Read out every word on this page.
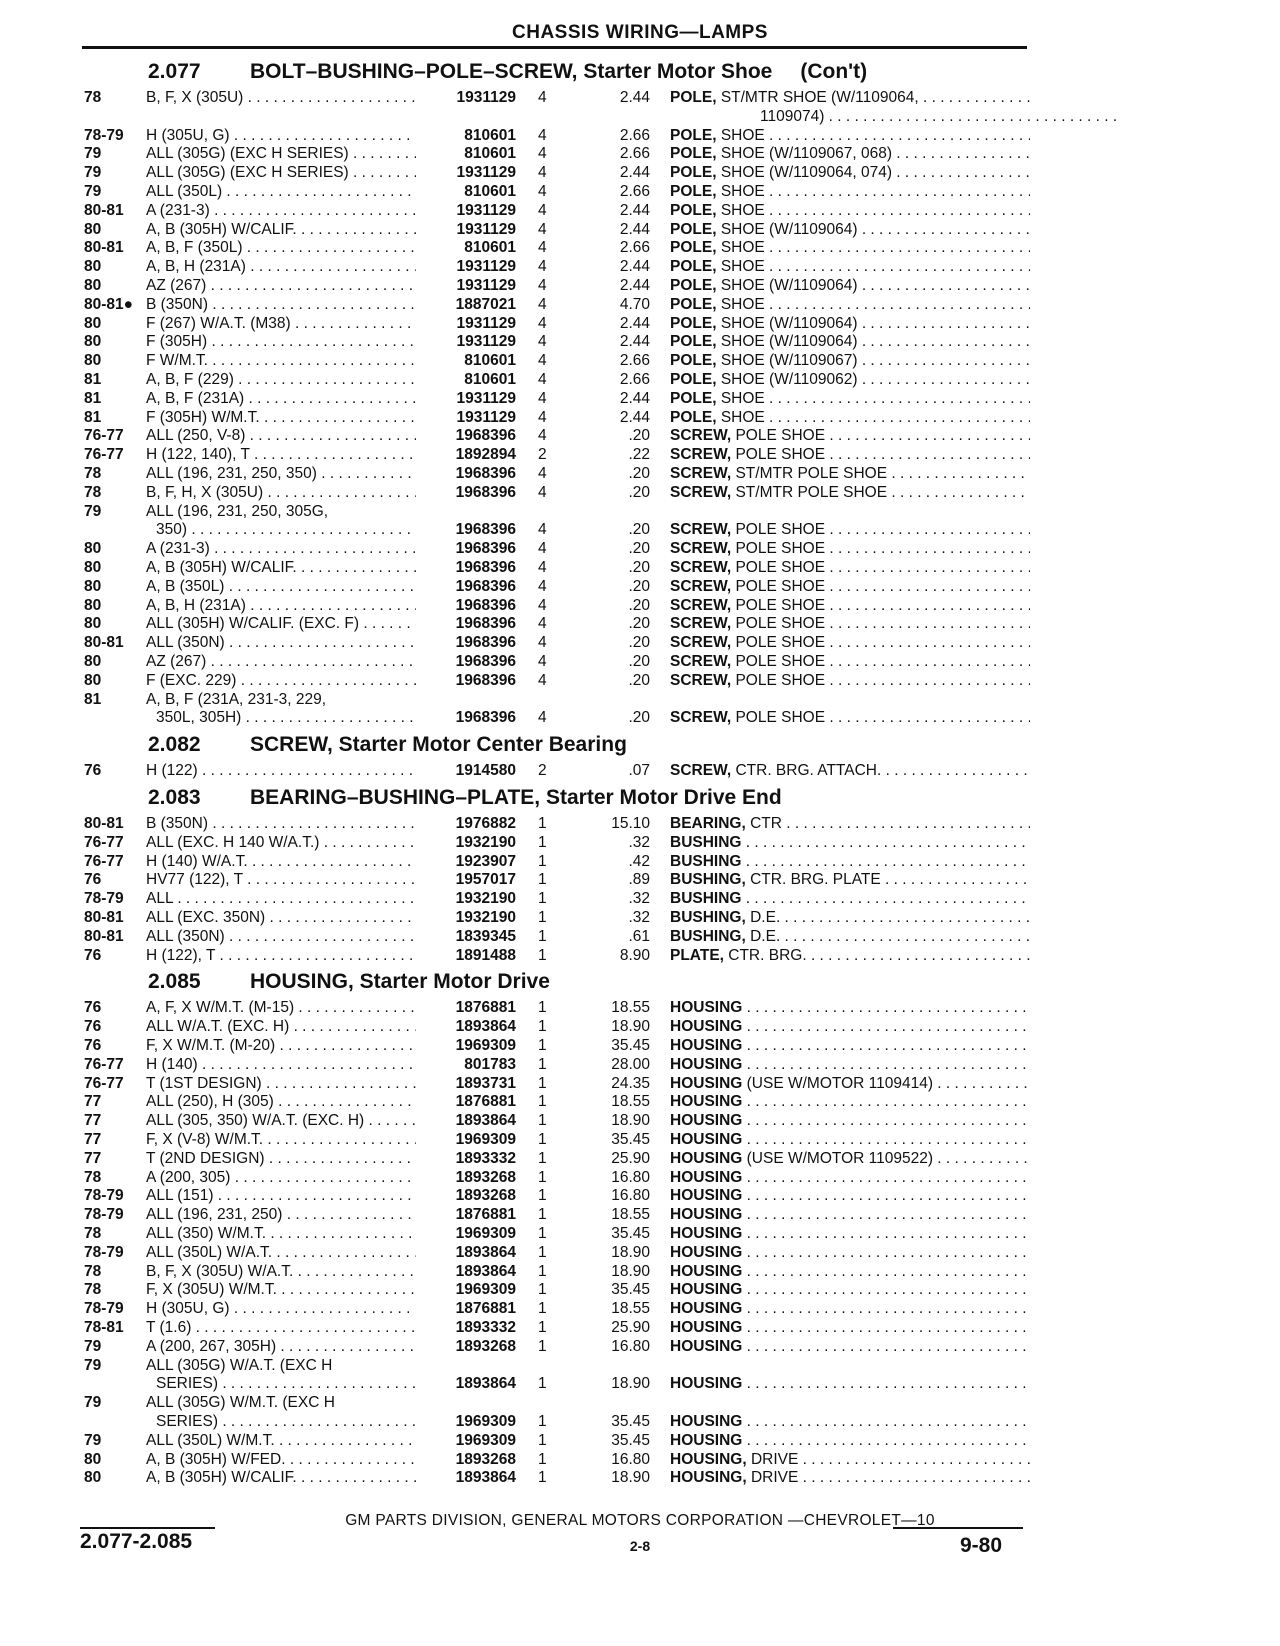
CHASSIS WIRING—LAMPS
2.077 BOLT–BUSHING–POLE–SCREW, Starter Motor Shoe (Con't)
78	B, F, X (305U) . . .	1931129 4	2.44 POLE, ST/MTR SHOE (W/1109064, . . .
1109074) . . .
78-79 H (305U, G) . . .	810601 4	2.66 POLE, SHOE . . .
79	ALL (305G) (EXC H SERIES) . . .	810601 4	2.66 POLE, SHOE (W/1109067, 068) . . .
79	ALL (305G) (EXC H SERIES) . . .	1931129 4	2.44 POLE, SHOE (W/1109064, 074) . . .
79	ALL (350L) . . .	810601 4	2.66 POLE, SHOE . . .
80-81 A (231-3) . . .	1931129 4	2.44 POLE, SHOE . . .
80	A, B (305H) W/CALIF. . . .	1931129 4	2.44 POLE, SHOE (W/1109064) . . .
80-81 A, B, F (350L) . . .	810601 4	2.66 POLE, SHOE . . .
80	A, B, H (231A) . . .	1931129 4	2.44 POLE, SHOE . . .
80	AZ (267) . . .	1931129 4	2.44 POLE, SHOE (W/1109064) . . .
80-81● B (350N) . . .	1887021 4	4.70 POLE, SHOE . . .
80	F (267) W/A.T. (M38) . . .	1931129 4	2.44 POLE, SHOE (W/1109064) . . .
80	F (305H) . . .	1931129 4	2.44 POLE, SHOE (W/1109064) . . .
80	F W/M.T. . . .	810601 4	2.66 POLE, SHOE (W/1109067) . . .
81	A, B, F (229) . . .	810601 4	2.66 POLE, SHOE (W/1109062) . . .
81	A, B, F (231A) . . .	1931129 4	2.44 POLE, SHOE . . .
81	F (305H) W/M.T. . . .	1931129 4	2.44 POLE, SHOE . . .
76-77 ALL (250, V-8) . . .	1968396 4	.20 SCREW, POLE SHOE . . .
76-77 H (122, 140), T . . .	1892894 2	.22 SCREW, POLE SHOE . . .
78	ALL (196, 231, 250, 350) . . .	1968396 4	.20 SCREW, ST/MTR POLE SHOE . . .
78	B, F, H, X (305U) . . .	1968396 4	.20 SCREW, ST/MTR POLE SHOE . . .
79	ALL (196, 231, 250, 305G,
350) . . .	1968396 4	.20 SCREW, POLE SHOE . . .
80	A (231-3) . . .	1968396 4	.20 SCREW, POLE SHOE . . .
80	A, B (305H) W/CALIF. . . .	1968396 4	.20 SCREW, POLE SHOE . . .
80	A, B (350L) . . .	1968396 4	.20 SCREW, POLE SHOE . . .
80	A, B, H (231A) . . .	1968396 4	.20 SCREW, POLE SHOE . . .
80	ALL (305H) W/CALIF. (EXC. F) . . .	1968396 4	.20 SCREW, POLE SHOE . . .
80-81 ALL (350N) . . .	1968396 4	.20 SCREW, POLE SHOE . . .
80	AZ (267) . . .	1968396 4	.20 SCREW, POLE SHOE . . .
80	F (EXC. 229) . . .	1968396 4	.20 SCREW, POLE SHOE . . .
81	A, B, F (231A, 231-3, 229,
350L, 305H) . . .	1968396 4	.20 SCREW, POLE SHOE . . .
2.082 SCREW, Starter Motor Center Bearing
76	H (122) . . .	1914580 2	.07 SCREW, CTR. BRG. ATTACH. . . .
2.083 BEARING–BUSHING–PLATE, Starter Motor Drive End
80-81 B (350N) . . .	1976882 1	15.10 BEARING, CTR . . .
76-77 ALL (EXC. H 140 W/A.T.) . . .	1932190 1	.32 BUSHING . . .
76-77 H (140) W/A.T. . . .	1923907 1	.42 BUSHING . . .
76	HV77 (122), T . . .	1957017 1	.89 BUSHING, CTR. BRG. PLATE . . .
78-79 ALL . . .	1932190 1	.32 BUSHING . . .
80-81 ALL (EXC. 350N) . . .	1932190 1	.32 BUSHING, D.E. . . .
80-81 ALL (350N) . . .	1839345 1	.61 BUSHING, D.E. . . .
76	H (122), T . . .	1891488 1	8.90 PLATE, CTR. BRG. . . .
2.085 HOUSING, Starter Motor Drive
76	A, F, X W/M.T. (M-15) . . .	1876881 1	18.55 HOUSING . . .
76	ALL W/A.T. (EXC. H) . . .	1893864 1	18.90 HOUSING . . .
76	F, X W/M.T. (M-20) . . .	1969309 1	35.45 HOUSING . . .
76-77 H (140) . . .	801783 1	28.00 HOUSING . . .
76-77 T (1ST DESIGN) . . .	1893731 1	24.35 HOUSING (USE W/MOTOR 1109414) . . .
77	ALL (250), H (305) . . .	1876881 1	18.55 HOUSING . . .
77	ALL (305, 350) W/A.T. (EXC. H) . . .	1893864 1	18.90 HOUSING . . .
77	F, X (V-8) W/M.T. . . .	1969309 1	35.45 HOUSING . . .
77	T (2ND DESIGN) . . .	1893332 1	25.90 HOUSING (USE W/MOTOR 1109522) . . .
78	A (200, 305) . . .	1893268 1	16.80 HOUSING . . .
78-79 ALL (151) . . .	1893268 1	16.80 HOUSING . . .
78-79 ALL (196, 231, 250) . . .	1876881 1	18.55 HOUSING . . .
78	ALL (350) W/M.T. . . .	1969309 1	35.45 HOUSING . . .
78-79 ALL (350L) W/A.T. . . .	1893864 1	18.90 HOUSING . . .
78	B, F, X (305U) W/A.T. . . .	1893864 1	18.90 HOUSING . . .
78	F, X (305U) W/M.T. . . .	1969309 1	35.45 HOUSING . . .
78-79 H (305U, G) . . .	1876881 1	18.55 HOUSING . . .
78-81 T (1.6) . . .	1893332 1	25.90 HOUSING . . .
79	A (200, 267, 305H) . . .	1893268 1	16.80 HOUSING . . .
79	ALL (305G) W/A.T. (EXC H
SERIES) . . .	1893864 1	18.90 HOUSING . . .
79	ALL (305G) W/M.T. (EXC H
SERIES) . . .	1969309 1	35.45 HOUSING . . .
79	ALL (350L) W/M.T. . . .	1969309 1	35.45 HOUSING . . .
80	A, B (305H) W/FED. . . .	1893268 1	16.80 HOUSING, DRIVE . . .
80	A, B (305H) W/CALIF. . . .	1893864 1	18.90 HOUSING, DRIVE . . .
GM PARTS DIVISION, GENERAL MOTORS CORPORATION —CHEVROLET—10
2.077-2.085	2-8	9-80
